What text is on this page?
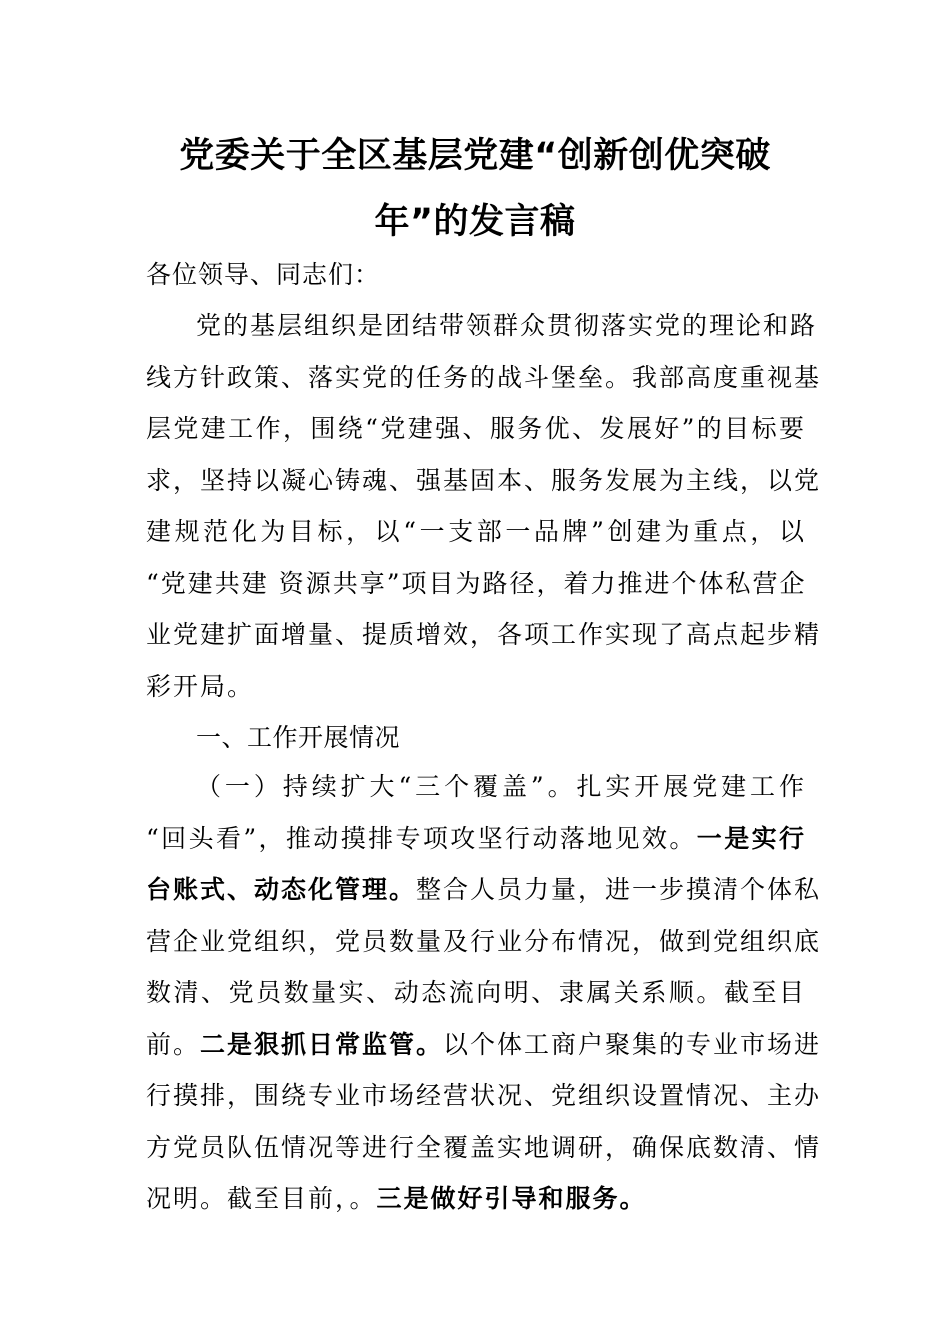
党委关于全区基层党建“创新创优突破
年”的发言稿
各位领导、同志们：
党的基层组织是团结带领群众贯彻落实党的理论和路
线方针政策、落实党的任务的战斗堡垒。我部高度重视基
层党建工作，围绕“党建强、服务优、发展好”的目标要
求，坚持以凝心铸魂、强基固本、服务发展为主线，以党
建规范化为目标，以“一支部一品牌”创建为重点，以
“党建共建 资源共享”项目为路径，着力推进个体私营企
业党建扩面增量、提质增效，各项工作实现了高点起步精
彩开局。
一、工作开展情况
（一）持续扩大“三个覆盖”。扎实开展党建工作
“回头看”，推动摸排专项攻坚行动落地见效。一是实行
台账式、动态化管理。整合人员力量，进一步摸清个体私
营企业党组织，党员数量及行业分布情况，做到党组织底
数清、党员数量实、动态流向明、隶属关系顺。截至目
前。二是狠抓日常监管。以个体工商户聚集的专业市场进
行摸排，围绕专业市场经营状况、党组织设置情况、主办
方党员队伍情况等进行全覆盖实地调研，确保底数清、情
况明。截至目前，。三是做好引导和服务。
